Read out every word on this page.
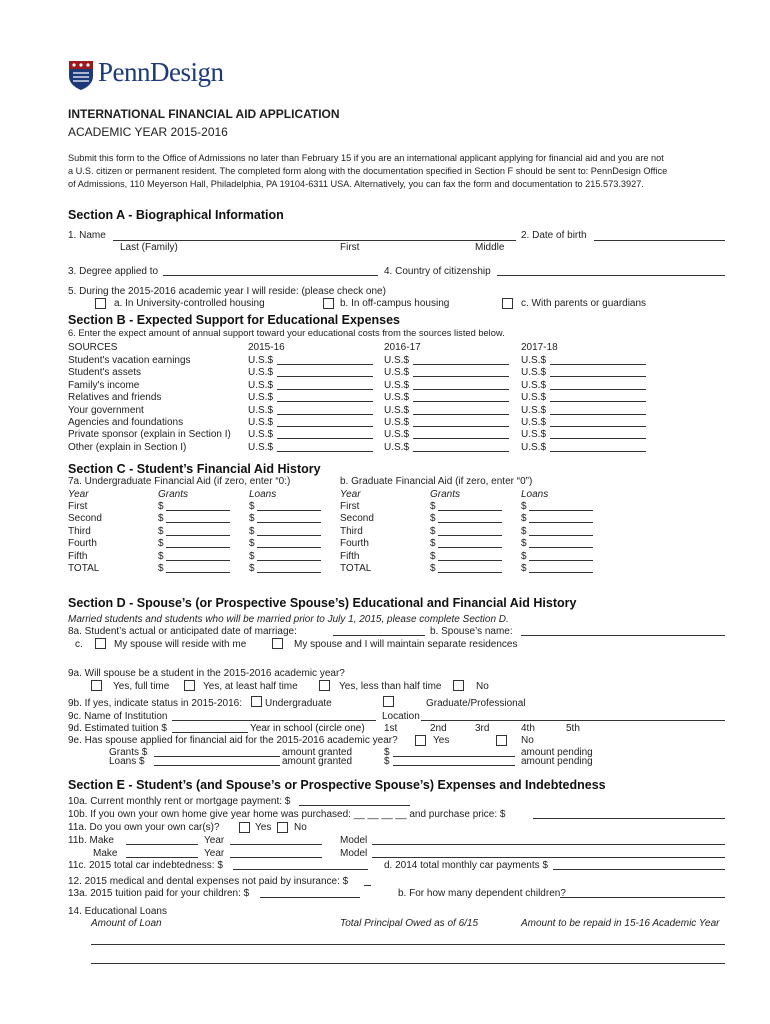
PennDesign
INTERNATIONAL FINANCIAL AID APPLICATION
ACADEMIC YEAR 2015-2016
Submit this form to the Office of Admissions no later than February 15 if you are an international applicant applying for financial aid and you are not
a U.S. citizen or permanent resident. The completed form along with the documentation specified in Section F should be sent to: PennDesign Office
of Admissions, 110 Meyerson Hall, Philadelphia, PA 19104-6311 USA. Alternatively, you can fax the form and documentation to 215.573.3927.
Section A - Biographical Information
1. Name
Last (Family)	First	Middle
2. Date of birth
3. Degree applied to	4. Country of citizenship
5. During the 2015-2016 academic year I will reside: (please check one)
a. In University-controlled housing	b. In off-campus housing	c. With parents or guardians
Section B - Expected Support for Educational Expenses
6. Enter the expect amount of annual support toward your educational costs from the sources listed below.
SOURCES	2015-16	2016-17	2017-18
Student's vacation earnings	U.S.$	U.S.$	U.S.$
Student's assets	U.S.$	U.S.$	U.S.$
Family's income	U.S.$	U.S.$	U.S.$
Relatives and friends	U.S.$	U.S.$	U.S.$
Your government	U.S.$	U.S.$	U.S.$
Agencies and foundations	U.S.$	U.S.$	U.S.$
Private sponsor (explain in Section I) U.S.$	U.S.$	U.S.$
Other (explain in Section I)	U.S.$	U.S.$	U.S.$
Section C - Student’s Financial Aid History
7a. Undergraduate Financial Aid (if zero, enter “0:)	b. Graduate Financial Aid (if zero, enter “0”)
Year	Grants	Loans	Year	Grants	Loans
First	$	$	First	$	$
Second	$	$	Second	$	$
Third	$	$	Third	$	$
Fourth	$	$	Fourth	$	$
Fifth	$	$	Fifth	$	$
TOTAL	$	$	TOTAL	$	$
Section D - Spouse’s (or Prospective Spouse’s) Educational and Financial Aid History
Married students and students who will be married prior to July 1, 2015, please complete Section D.
8a. Student’s actual or anticipated date of marriage:	b. Spouse’s name:
c.	My spouse will reside with me	My spouse and I will maintain separate residences
9a. Will spouse be a student in the 2015-2016 academic year?
Yes, full time	Yes, at least half time	Yes, less than half time	No
9b. If yes, indicate status in 2015-2016: Undergraduate	Graduate/Professional
9c. Name of Institution	Location
9d. Estimated tuition $	Year in school (circle one) 1st	2nd	3rd	4th	5th
9e. Has spouse applied for financial aid for the 2015-2016 academic year?	Yes	No
Grants $	amount granted	$	amount pending
Loans $	amount granted	$	amount pending
Section E - Student’s (and Spouse’s or Prospective Spouse’s) Expenses and Indebtedness
10a. Current monthly rent or mortgage payment: $
10b. If you own your own home give year home was purchased: __ __ __ __ and purchase price: $
11a. Do you own your own car(s)?	Yes No
11b. Make	Year	Model
Make	Year	Model
11c. 2015 total car indebtedness: $	d. 2014 total monthly car payments $
12. 2015 medical and dental expenses not paid by insurance: $
13a. 2015 tuition paid for your children: $	b. For how many dependent children?
14. Educational Loans
Amount of Loan	Total Principal Owed as of 6/15	Amount to be repaid in 15-16 Academic Year
